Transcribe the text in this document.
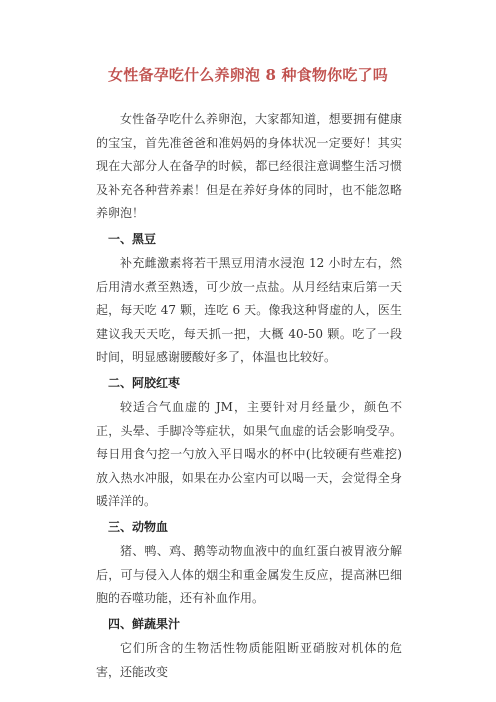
女性备孕吃什么养卵泡 8 种食物你吃了吗

女性备孕吃什么养卵泡，大家都知道，想要拥有健康的宝宝，首先准爸爸和准妈妈的身体状况一定要好！其实现在大部分人在备孕的时候，都已经很注意调整生活习惯及补充各种营养素！但是在养好身体的同时，也不能忽略养卵泡！

一、黑豆

补充雌激素将若干黑豆用清水浸泡 12 小时左右，然后用清水煮至熟透，可少放一点盐。从月经结束后第一天起，每天吃 47 颗，连吃 6 天。像我这种肾虚的人，医生建议我天天吃，每天抓一把，大概 40-50 颗。吃了一段时间，明显感谢腰酸好多了，体温也比较好。

二、阿胶红枣

较适合气血虚的 JM，主要针对月经量少，颜色不正，头晕、手脚冷等症状，如果气血虚的话会影响受孕。每日用食勺挖一勺放入平日喝水的杯中(比较硬有些难挖)放入热水冲服，如果在办公室内可以喝一天，会觉得全身暖洋洋的。

三、动物血

猪、鸭、鸡、鹅等动物血液中的血红蛋白被胃液分解后，可与侵入人体的烟尘和重金属发生反应，提高淋巴细胞的吞噬功能，还有补血作用。

四、鲜蔬果汁

它们所含的生物活性物质能阻断亚硝胺对机体的危害，还能改变
